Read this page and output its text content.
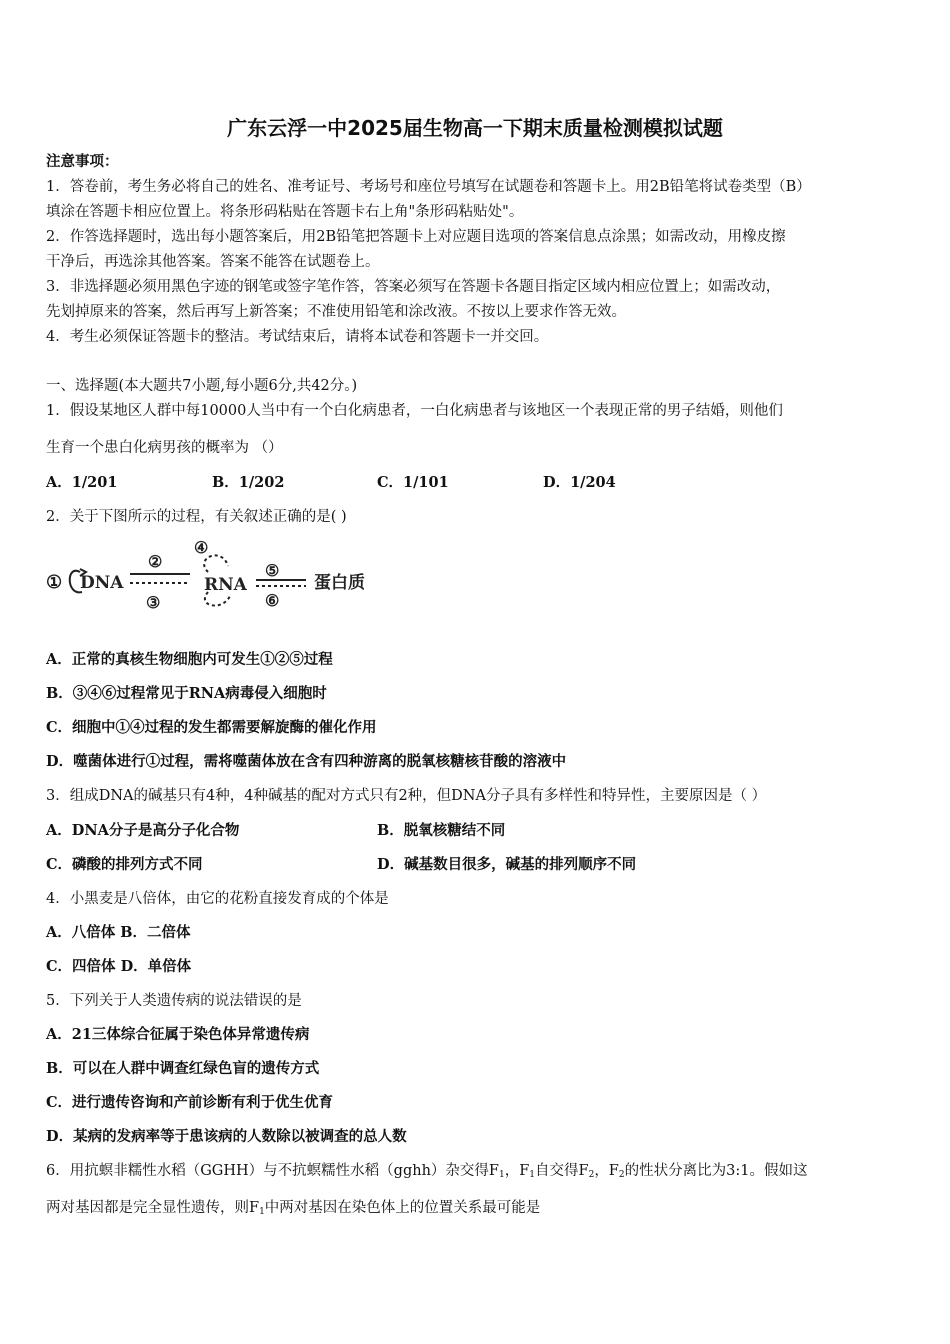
广东云浮一中2025届生物高一下期末质量检测模拟试题
注意事项：
1．答卷前，考生务必将自己的姓名、准考证号、考场号和座位号填写在试题卷和答题卡上。用2B铅笔将试卷类型（B）
填涂在答题卡相应位置上。将条形码粘贴在答题卡右上角"条形码粘贴处"。
2．作答选择题时，选出每小题答案后，用2B铅笔把答题卡上对应题目选项的答案信息点涂黑；如需改动，用橡皮擦
干净后，再选涂其他答案。答案不能答在试题卷上。
3．非选择题必须用黑色字迹的钢笔或签字笔作答，答案必须写在答题卡各题目指定区域内相应位置上；如需改动，
先划掉原来的答案，然后再写上新答案；不准使用铅笔和涂改液。不按以上要求作答无效。
4．考生必须保证答题卡的整洁。考试结束后，请将本试卷和答题卡一并交回。
一、选择题(本大题共7小题,每小题6分,共42分。)
1．假设某地区人群中每10000人当中有一个白化病患者，一白化病患者与该地区一个表现正常的男子结婚，则他们
生育一个患白化病男孩的概率为 （）
A．1/201	B．1/202	C．1/101	D．1/204
2．关于下图所示的过程，有关叙述正确的是( )
① DNA
②
③
④
RNA
⑤
⑥
蛋白质
A．正常的真核生物细胞内可发生①②⑤过程
B．③④⑥过程常见于RNA病毒侵入细胞时
C．细胞中①④过程的发生都需要解旋酶的催化作用
D．噬菌体进行①过程，需将噬菌体放在含有四种游离的脱氧核糖核苷酸的溶液中
3．组成DNA的碱基只有4种，4种碱基的配对方式只有2种，但DNA分子具有多样性和特异性，主要原因是（ ）
A．DNA分子是高分子化合物	B．脱氧核糖结不同
C．磷酸的排列方式不同	D．碱基数目很多，碱基的排列顺序不同
4．小黑麦是八倍体，由它的花粉直接发育成的个体是
A．八倍体 B．二倍体
C．四倍体 D．单倍体
5．下列关于人类遗传病的说法错误的是
A．21三体综合征属于染色体异常遗传病
B．可以在人群中调查红绿色盲的遗传方式
C．进行遗传咨询和产前诊断有利于优生优育
D．某病的发病率等于患该病的人数除以被调查的总人数
6．用抗螟非糯性水稻（GGHH）与不抗螟糯性水稻（gghh）杂交得$F_1$，$F_1$自交得$F_2$，$F_2$的性状分离比为3:1。假如这
两对基因都是完全显性遗传，则$F_1$中两对基因在染色体上的位置关系最可能是
